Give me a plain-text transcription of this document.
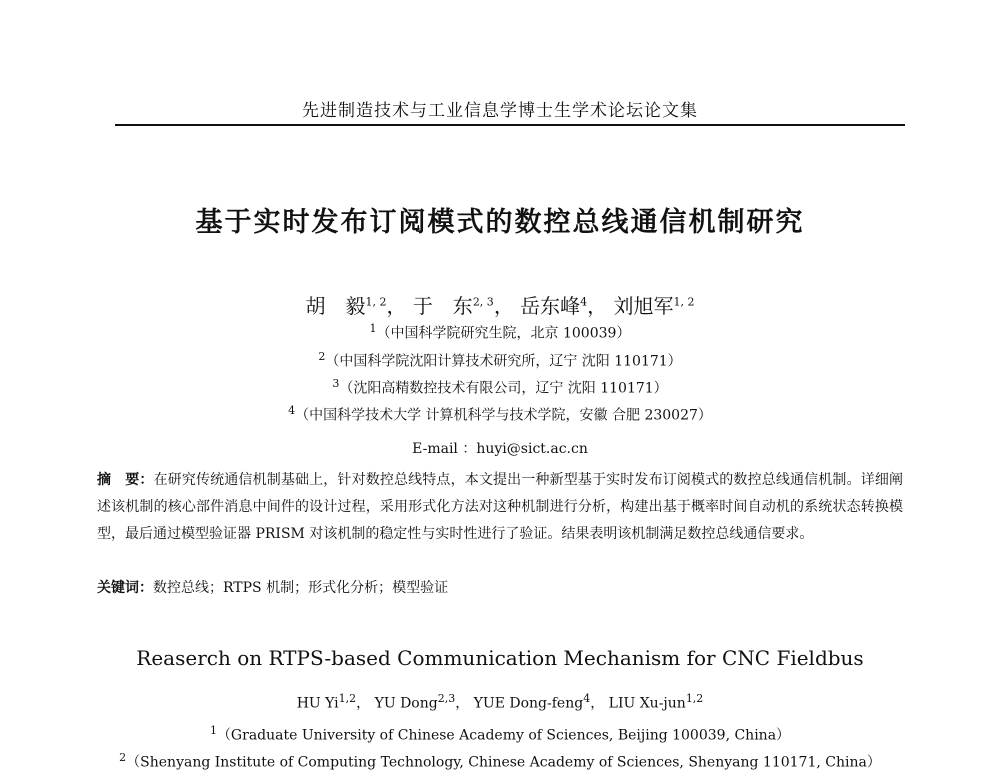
先进制造技术与工业信息学博士生学术论坛论文集
基于实时发布订阅模式的数控总线通信机制研究
胡　毅$^{1, 2}$， 于　东$^{2, 3}$， 岳东峰$^4$， 刘旭军$^{1, 2}$
$^1$（中国科学院研究生院，北京 100039）
$^2$（中国科学院沈阳计算技术研究所，辽宁 沈阳 110171）
$^3$（沈阳高精数控技术有限公司，辽宁 沈阳 110171）
$^4$（中国科学技术大学 计算机科学与技术学院，安徽 合肥 230027）
E-mail ：huyi@sict.ac.cn
摘　要：在研究传统通信机制基础上，针对数控总线特点，本文提出一种新型基于实时发布订阅模式的数控总线通信机制。详细阐述该机制的核心部件消息中间件的设计过程，采用形式化方法对这种机制进行分析，构建出基于概率时间自动机的系统状态转换模型，最后通过模型验证器 PRISM 对该机制的稳定性与实时性进行了验证。结果表明该机制满足数控总线通信要求。
关键词：数控总线；RTPS 机制；形式化分析；模型验证
Reaserch on RTPS-based Communication Mechanism for CNC Fieldbus
HU Yi$^{1,2}$， YU Dong$^{2,3}$， YUE Dong-feng$^4$， LIU Xu-jun$^{1,2}$
$^1$（Graduate University of Chinese Academy of Sciences, Beijing 100039, China）
$^2$（Shenyang Institute of Computing Technology, Chinese Academy of Sciences, Shenyang 110171, China）
